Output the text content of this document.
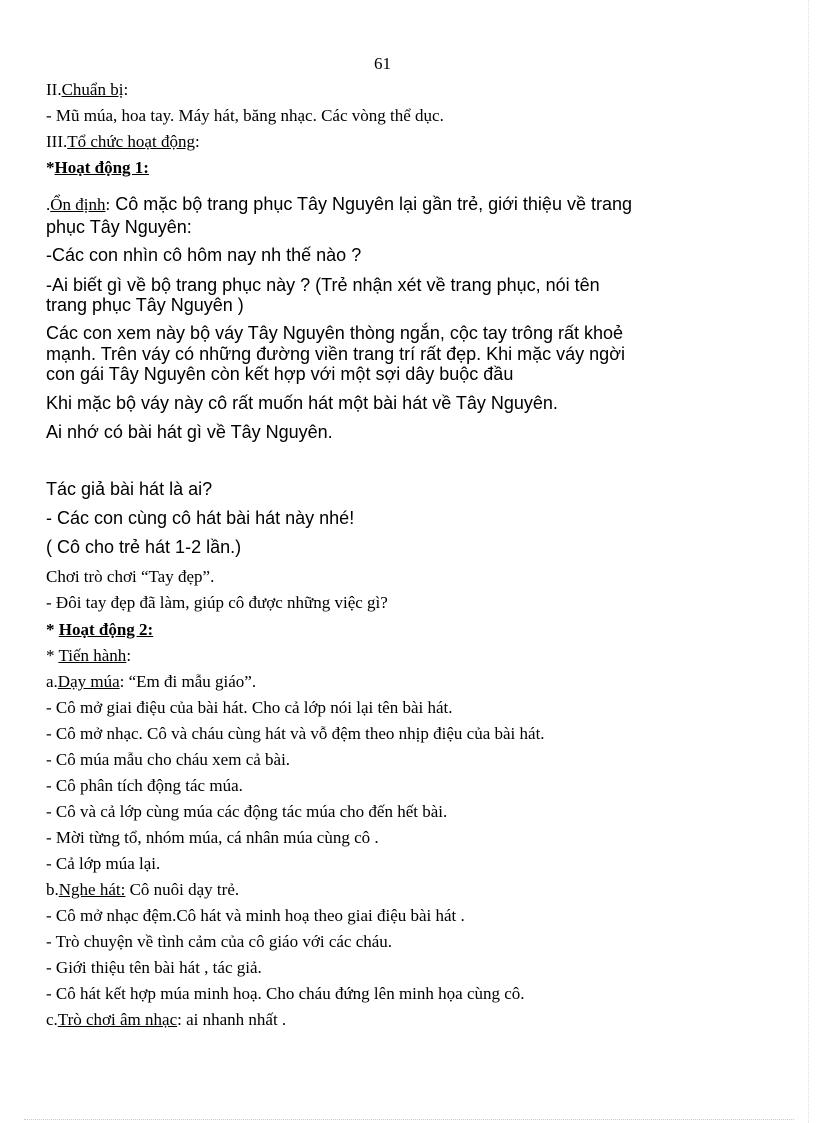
61

II.Chuẩn bị:

- Mũ múa, hoa tay. Máy hát, băng nhạc. Các vòng thể dục.

III.Tổ chức hoạt động:

*Hoạt động 1:

.Ổn định: Cô mặc bộ trang phục Tây Nguyên lại gần trẻ, giới thiệu về trang

phục Tây Nguyên:

-Các con nhìn cô hôm nay nh thế nào ?

-Ai biết gì về bộ trang phục này ? (Trẻ nhận xét về trang phục, nói tên

trang phục Tây Nguyên )

Các con xem này bộ váy Tây Nguyên thòng ngắn, cộc tay trông rất khoẻ

mạnh. Trên váy có những đường viền trang trí rất đẹp. Khi mặc váy ngời

con gái Tây Nguyên còn kết hợp với một sợi dây buộc đầu

Khi mặc bộ váy này cô rất muốn hát một bài hát về Tây Nguyên.

Ai nhớ có bài hát gì về Tây Nguyên.

Tác giả bài hát là ai?

- Các con cùng cô hát bài hát này nhé!

( Cô cho trẻ hát 1-2 lần.)

Chơi trò chơi “Tay đẹp”.

- Đôi tay đẹp đã làm, giúp cô được những việc gì?

* Hoạt động 2:

* Tiến hành:

a.Dạy múa: “Em đi mẫu giáo”.

- Cô mở giai điệu của bài hát. Cho cả lớp nói lại tên bài hát.

- Cô mở nhạc. Cô và cháu cùng hát và vỗ đệm theo nhịp điệu của bài hát.

- Cô múa mẫu cho cháu xem cả bài.

- Cô phân tích động tác múa.

- Cô và cả lớp cùng múa các động tác múa cho đến hết bài.

- Mời từng tổ, nhóm múa, cá nhân múa cùng cô .

- Cả lớp múa lại.

b.Nghe hát: Cô nuôi dạy trẻ.

- Cô mở nhạc đệm.Cô hát và minh hoạ theo giai điệu bài hát .

- Trò chuyện về tình cảm của cô giáo với các cháu.

- Giới thiệu tên bài hát , tác giả.

- Cô hát kết hợp múa minh hoạ. Cho cháu đứng lên minh họa cùng cô.

c.Trò chơi âm nhạc: ai nhanh nhất .
